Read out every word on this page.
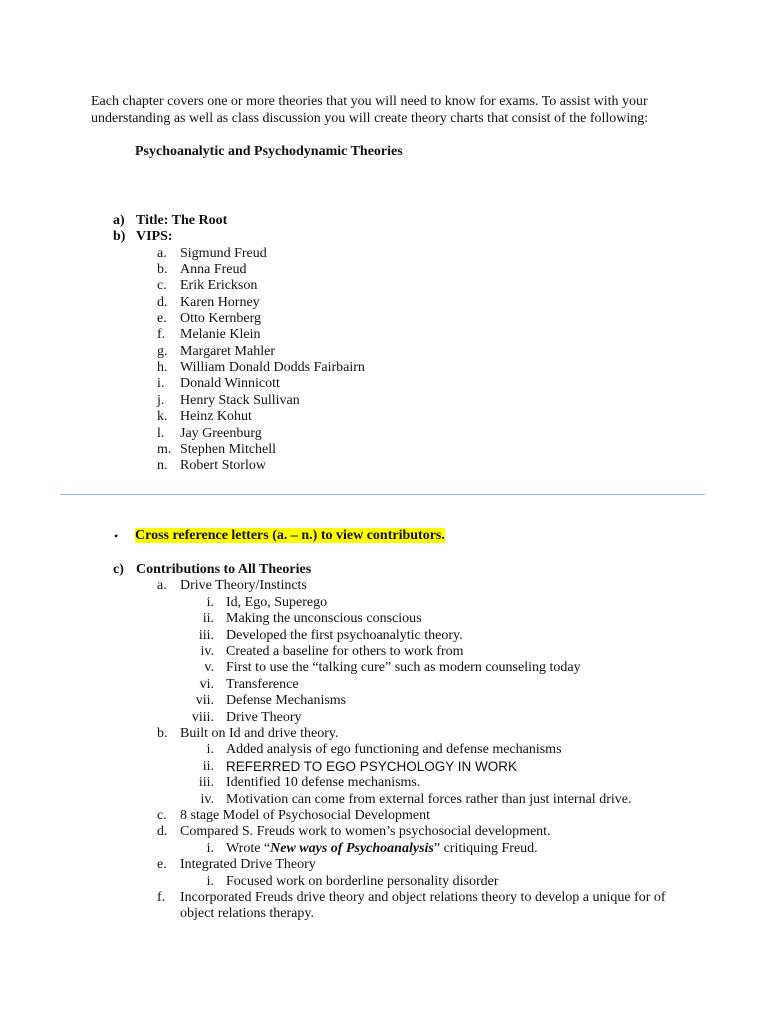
Each chapter covers one or more theories that you will need to know for exams. To assist with your
understanding as well as class discussion you will create theory charts that consist of the following:
Psychoanalytic and Psychodynamic Theories
a) Title: The Root
b) VIPS:
a. Sigmund Freud
b. Anna Freud
c. Erik Erickson
d. Karen Horney
e. Otto Kernberg
f. Melanie Klein
g. Margaret Mahler
h. William Donald Dodds Fairbairn
i. Donald Winnicott
j. Henry Stack Sullivan
k. Heinz Kohut
l. Jay Greenburg
m. Stephen Mitchell
n. Robert Storlow
• Cross reference letters (a. – n.) to view contributors.
c) Contributions to All Theories
a. Drive Theory/Instincts
i. Id, Ego, Superego
ii. Making the unconscious conscious
iii. Developed the first psychoanalytic theory.
iv. Created a baseline for others to work from
v. First to use the “talking cure” such as modern counseling today
vi. Transference
vii. Defense Mechanisms
viii. Drive Theory
b. Built on Id and drive theory.
i. Added analysis of ego functioning and defense mechanisms
ii. REFERRED TO EGO PSYCHOLOGY IN WORK
iii. Identified 10 defense mechanisms.
iv. Motivation can come from external forces rather than just internal drive.
c. 8 stage Model of Psychosocial Development
d. Compared S. Freuds work to women’s psychosocial development.
i. Wrote “New ways of Psychoanalysis” critiquing Freud.
e. Integrated Drive Theory
i. Focused work on borderline personality disorder
f. Incorporated Freuds drive theory and object relations theory to develop a unique for of
object relations therapy.
